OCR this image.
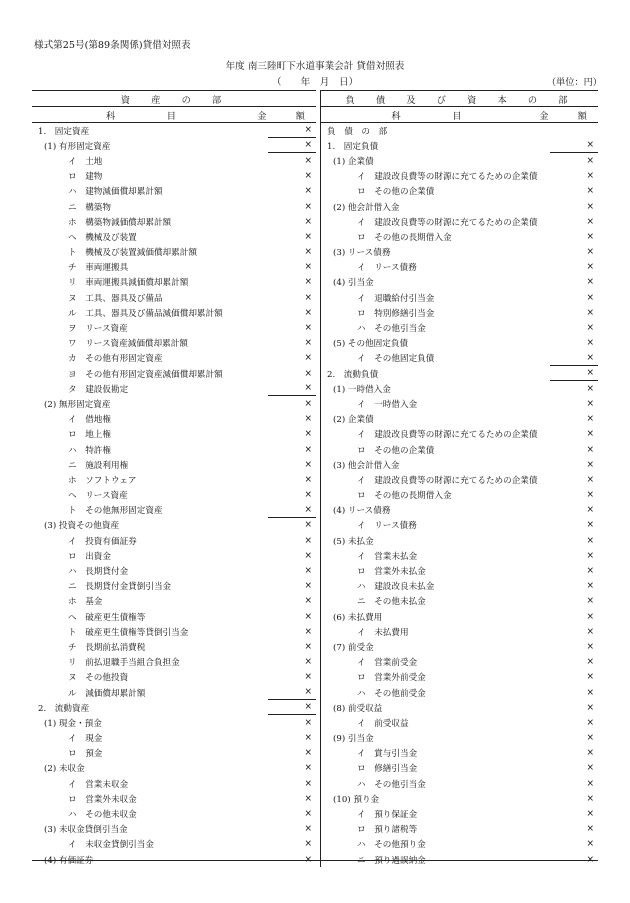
様式第25号(第89条関係)貸借対照表
年度 南三陸町下水道事業会計 貸借対照表
（　　年　月　日）	（単位：円）
資　産　の　部
科　　　目	金　額
1.　固定資産	×
(1) 有形固定資産	×
イ　土地	×
ロ　建物	×
ハ　建物減価償却累計額	×
ニ　構築物	×
ホ　構築物減価償却累計額	×
ヘ　機械及び装置	×
ト　機械及び装置減価償却累計額	×
チ　車両運搬具	×
リ　車両運搬具減価償却累計額	×
ヌ　工具、器具及び備品	×
ル　工具、器具及び備品減価償却累計額	×
ヲ　リース資産	×
ワ　リース資産減価償却累計額	×
カ　その他有形固定資産	×
ヨ　その他有形固定資産減価償却累計額	×
タ　建設仮勘定	×
(2) 無形固定資産	×
イ　借地権	×
ロ　地上権	×
ハ　特許権	×
ニ　施設利用権	×
ホ　ソフトウェア	×
ヘ　リース資産	×
ト　その他無形固定資産	×
(3) 投資その他資産	×
イ　投資有価証券	×
ロ　出資金	×
ハ　長期貸付金	×
ニ　長期貸付金貸倒引当金	×
ホ　基金	×
ヘ　破産更生債権等	×
ト　破産更生債権等貸倒引当金	×
チ　長期前払消費税	×
リ　前払退職手当組合負担金	×
ヌ　その他投資	×
ル　減価償却累計額	×
2.　流動資産	×
(1) 現金・預金	×
イ　現金	×
ロ　預金	×
(2) 未収金	×
イ　営業未収金	×
ロ　営業外未収金	×
ハ　その他未収金	×
(3) 未収金貸倒引当金	×
イ　未収金貸倒引当金	×
(4) 有価証券	×
負　債　及　び　資　本　の　部
科　　　目	金　額
負　債　の　部
1.　固定負債	×
(1) 企業債	×
イ　建設改良費等の財源に充てるための企業債	×
ロ　その他の企業債	×
(2) 他会計借入金	×
イ　建設改良費等の財源に充てるための企業債	×
ロ　その他の長期借入金	×
(3) リース債務	×
イ　リース債務	×
(4) 引当金	×
イ　退職給付引当金	×
ロ　特別修繕引当金	×
ハ　その他引当金	×
(5) その他固定負債	×
イ　その他固定負債	×
2.　流動負債	×
(1) 一時借入金	×
イ　一時借入金	×
(2) 企業債	×
イ　建設改良費等の財源に充てるための企業債	×
ロ　その他の企業債	×
(3) 他会計借入金	×
イ　建設改良費等の財源に充てるための企業債	×
ロ　その他の長期借入金	×
(4) リース債務	×
イ　リース債務	×
(5) 未払金	×
イ　営業未払金	×
ロ　営業外未払金	×
ハ　建設改良未払金	×
ニ　その他未払金	×
(6) 未払費用	×
イ　未払費用	×
(7) 前受金	×
イ　営業前受金	×
ロ　営業外前受金	×
ハ　その他前受金	×
(8) 前受収益	×
イ　前受収益	×
(9) 引当金	×
イ　賞与引当金	×
ロ　修繕引当金	×
ハ　その他引当金	×
(10) 預り金	×
イ　預り保証金	×
ロ　預り諸税等	×
ハ　その他預り金	×
ニ　預り過誤納金	×
